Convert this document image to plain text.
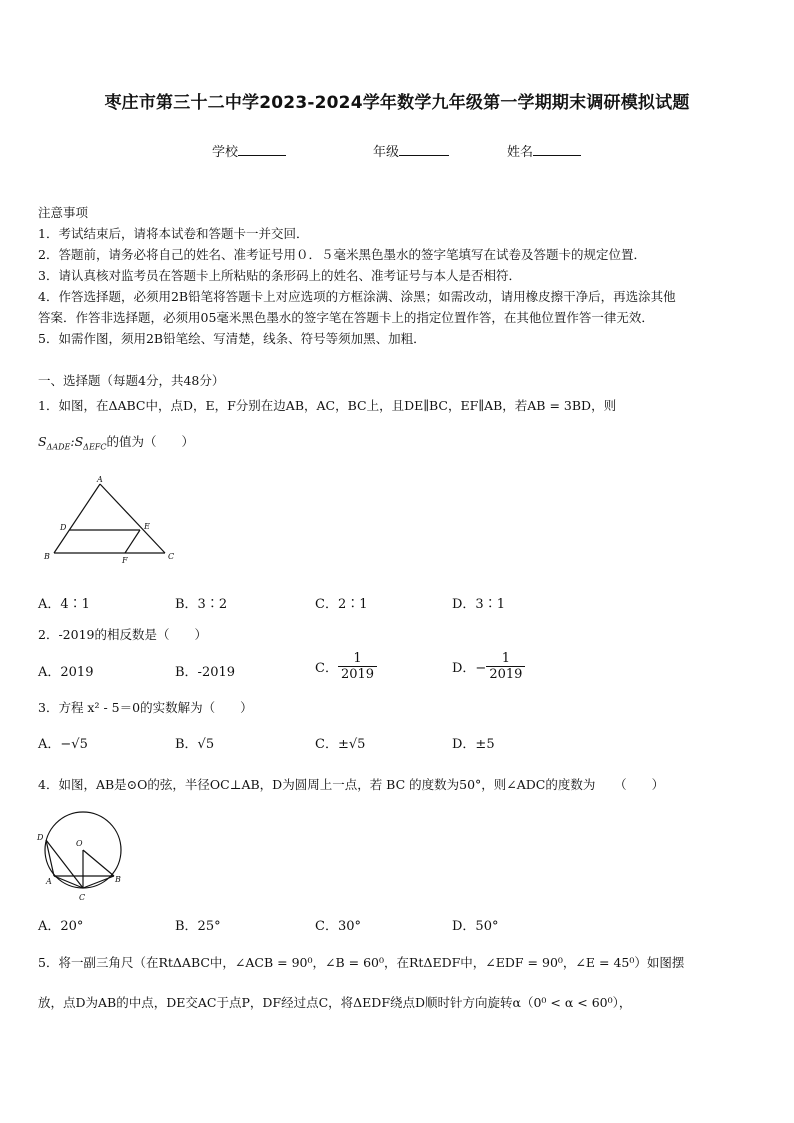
枣庄市第三十二中学2023-2024学年数学九年级第一学期期末调研模拟试题
学校	年级	姓名
注意事项
1．考试结束后，请将本试卷和答题卡一并交回．
2．答题前，请务必将自己的姓名、准考证号用０．５毫米黑色墨水的签字笔填写在试卷及答题卡的规定位置．
3．请认真核对监考员在答题卡上所粘贴的条形码上的姓名、准考证号与本人是否相符．
4．作答选择题，必须用2B铅笔将答题卡上对应选项的方框涂满、涂黑；如需改动，请用橡皮擦干净后，再选涂其他
答案．作答非选择题，必须用05毫米黑色墨水的签字笔在答题卡上的指定位置作答，在其他位置作答一律无效．
5．如需作图，须用2B铅笔绘、写清楚，线条、符号等须加黑、加粗．
一、选择题（每题4分，共48分）
1．如图，在ΔABC中，点D，E，F分别在边AB，AC，BC上，且DE∥BC，EF∥AB，若AB = 3BD，则
$S_{\Delta ADE}:S_{\Delta EFC}$的值为（　　）
A
B	C
D	E
F
A．4∶1	B．3∶2	C．2∶1	D．3∶1
2．-2019的相反数是（　　）
A．2019	B．-2019	C． $\frac{1}{2019}$	D．− $\frac{1}{2019}$
3．方程 x² - 5＝0的实数解为（　　）
A．−√5	B．√5	C．±√5	D．±5
4．如图，AB是⊙O的弦，半径OC⊥AB，D为圆周上一点，若 BC 的度数为50°，则∠ADC的度数为　　（　　）
D
O
A	B
C
A．20°	B．25°	C．30°	D．50°
5．将一副三角尺（在RtΔABC中，∠ACB = 90⁰，∠B = 60⁰，在RtΔEDF中，∠EDF = 90⁰，∠E = 45⁰）如图摆
放，点D为AB的中点，DE交AC于点P，DF经过点C，将ΔEDF绕点D顺时针方向旋转α（0⁰ < α < 60⁰），
